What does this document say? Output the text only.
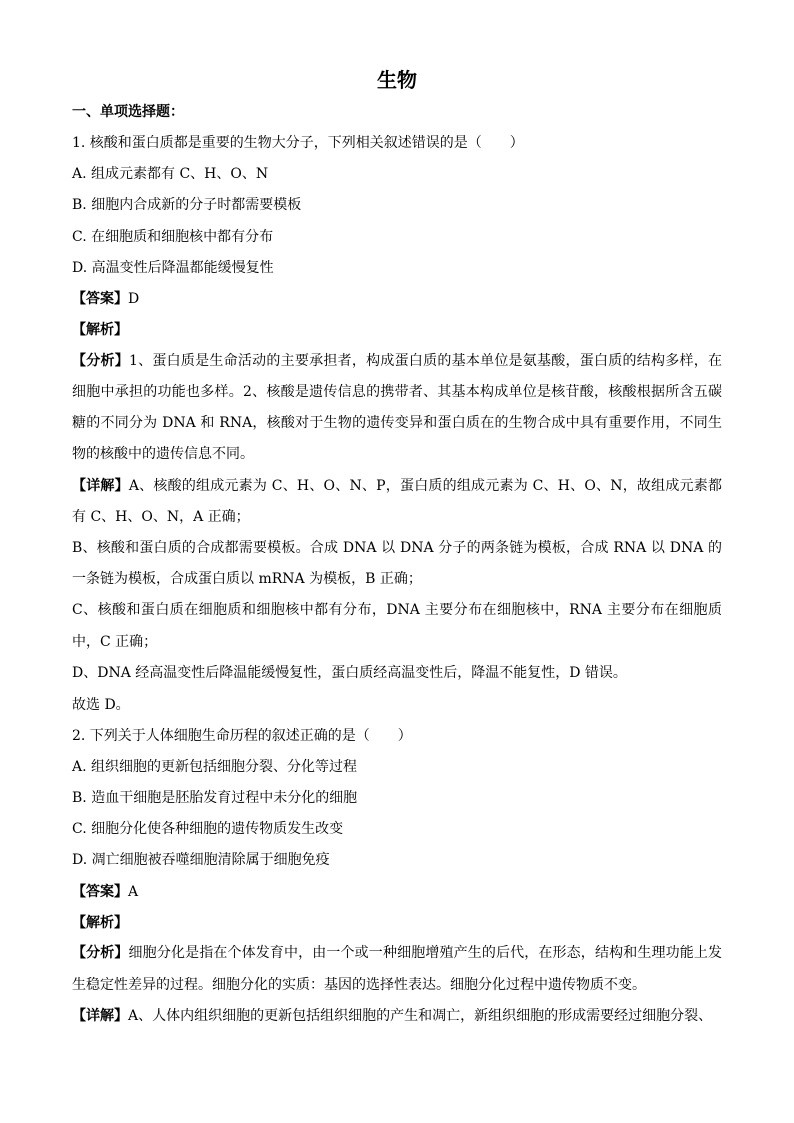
生物
一、单项选择题：
1. 核酸和蛋白质都是重要的生物大分子，下列相关叙述错误的是（　　）
A. 组成元素都有 C、H、O、N
B. 细胞内合成新的分子时都需要模板
C. 在细胞质和细胞核中都有分布
D. 高温变性后降温都能缓慢复性
【答案】D
【解析】
【分析】1、蛋白质是生命活动的主要承担者，构成蛋白质的基本单位是氨基酸，蛋白质的结构多样，在细胞中承担的功能也多样。2、核酸是遗传信息的携带者、其基本构成单位是核苷酸，核酸根据所含五碳糖的不同分为 DNA 和 RNA，核酸对于生物的遗传变异和蛋白质在的生物合成中具有重要作用，不同生物的核酸中的遗传信息不同。
【详解】A、核酸的组成元素为 C、H、O、N、P，蛋白质的组成元素为 C、H、O、N，故组成元素都有 C、H、O、N，A 正确；
B、核酸和蛋白质的合成都需要模板。合成 DNA 以 DNA 分子的两条链为模板，合成 RNA 以 DNA 的一条链为模板，合成蛋白质以 mRNA 为模板，B 正确；
C、核酸和蛋白质在细胞质和细胞核中都有分布，DNA 主要分布在细胞核中，RNA 主要分布在细胞质中，C 正确；
D、DNA 经高温变性后降温能缓慢复性，蛋白质经高温变性后，降温不能复性，D 错误。
故选 D。
2. 下列关于人体细胞生命历程的叙述正确的是（　　）
A. 组织细胞的更新包括细胞分裂、分化等过程
B. 造血干细胞是胚胎发育过程中未分化的细胞
C. 细胞分化使各种细胞的遗传物质发生改变
D. 凋亡细胞被吞噬细胞清除属于细胞免疫
【答案】A
【解析】
【分析】细胞分化是指在个体发育中，由一个或一种细胞增殖产生的后代，在形态，结构和生理功能上发生稳定性差异的过程。细胞分化的实质：基因的选择性表达。细胞分化过程中遗传物质不变。
【详解】A、人体内组织细胞的更新包括组织细胞的产生和凋亡，新组织细胞的形成需要经过细胞分裂、
